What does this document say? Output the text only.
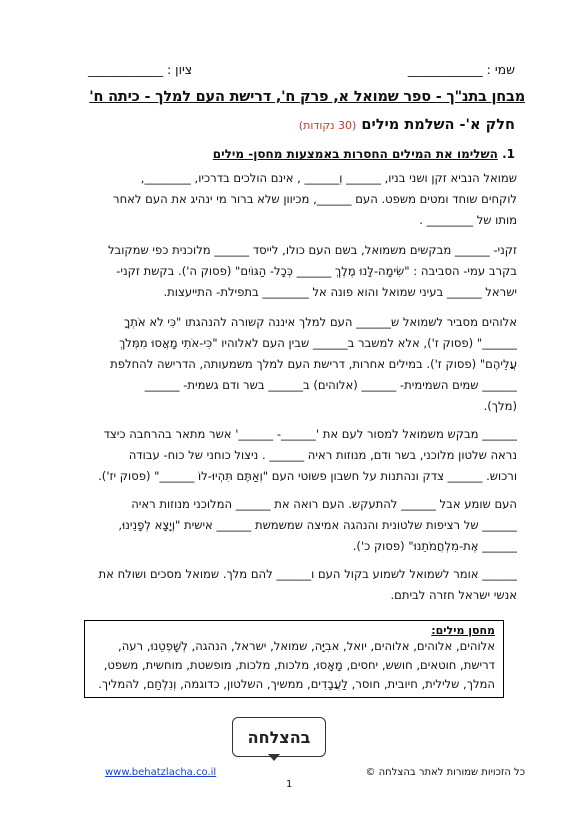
שמי : ____________
ציון : ____________
מבחן בתנ"ך - ספר שמואל א, פרק ח', דרישת העם למלך - כיתה ח'
חלק א'- השלמת מילים (30 נקודות)
1. השלימו את המילים החסרות באמצעות מחסן- מילים
שמואל הנביא זקן ושני בניו, ______ וְ______ , אינם הולכים בדרכיו, ________,
לוקחים שוחד ומטים משפט. העם ______, מכיוון שלא ברור מי ינהיג את העם לאחר
מותו של ________ .
זקני- ______ מבקשים משמואל, בשם העם כולו, לייסד ______ מלוכנית כפי שמקובל
בקרב עמי- הסביבה : "שִׂימָה-לָּנוּ מֶלֶךְ ______ כְּכָל- הַגּוֹיִם" (פסוק ה'). בקשת זקני-
ישראל ______ בעיני שמואל והוא פונה אל ________ בתפילת- התייעצות.
אלוהים מסביר לשמואל ש______ העם למלך איננה קשורה להנהגתו "כִּי לֹא אֹתְךָ
______" (פסוק ז'), אלא למשבר ב______ שבין העם לאלוהיו "כִּי-אֹתִי מָאֲסוּ מִמְּלֹךְ
עֲלֵיהֶם" (פסוק ז'). במילים אחרות, דרישת העם למלך משמעותה, הדרישה להחלפת
______ שמים השמימית- ______ (אלוהים) ב______ בשר ודם גשמית- ______
(מלך).
______ מבקש משמואל למסור לעם את '______- ______' אשר מתאר בהרחבה כיצד
נראה שלטון מלוכני, בשר ודם, מנוזות ראיה ______ . ניצול כוחני של כוח- עבודה
ורכוש. ______ צדק ונהתנות על חשבון פשוטי העם "וְאַתֶּם תִּהְיוּ-לוֹ ______" (פסוק יז').
העם שומע אבל ______ להתעקש. העם רואה את ______ המלוכני מנוזות ראיה
______ של רציפות שלטונית והנהגה אמיצה שמשמשת ______ אישית "וְיָצָא לְפָנֵינוּ,
______ אֶת-מִלְחֲמֹתֵנוּ" (פסוק כ').
______ אומר לשמואל לשמוע בקול העם ו______ להם מלך. שמואל מסכים ושולח את
אנשי ישראל חזרה לביתם.
מחסן מילים:
אלוהים, אלוהים, אלוהים, יואל, אבִיָּה, שמואל, ישראל, הנהגה, לְשָׁפְטֵנוּ, רעה,
דרישת, חוטאים, חושש, יחסים, מָאָסוּ, מלכות, מלכות, מופשטת, מוחשית, משפט,
המלך, שלילית, חיובית, חוסר, לַעֲבָדִים, ממשיך, השלטון, כדוגמה, וְנִלְחַם, להמליך.
בהצלחה
www.behatzlacha.co.il	כל הזכויות שמורות לאתר בהצלחה ©
1
